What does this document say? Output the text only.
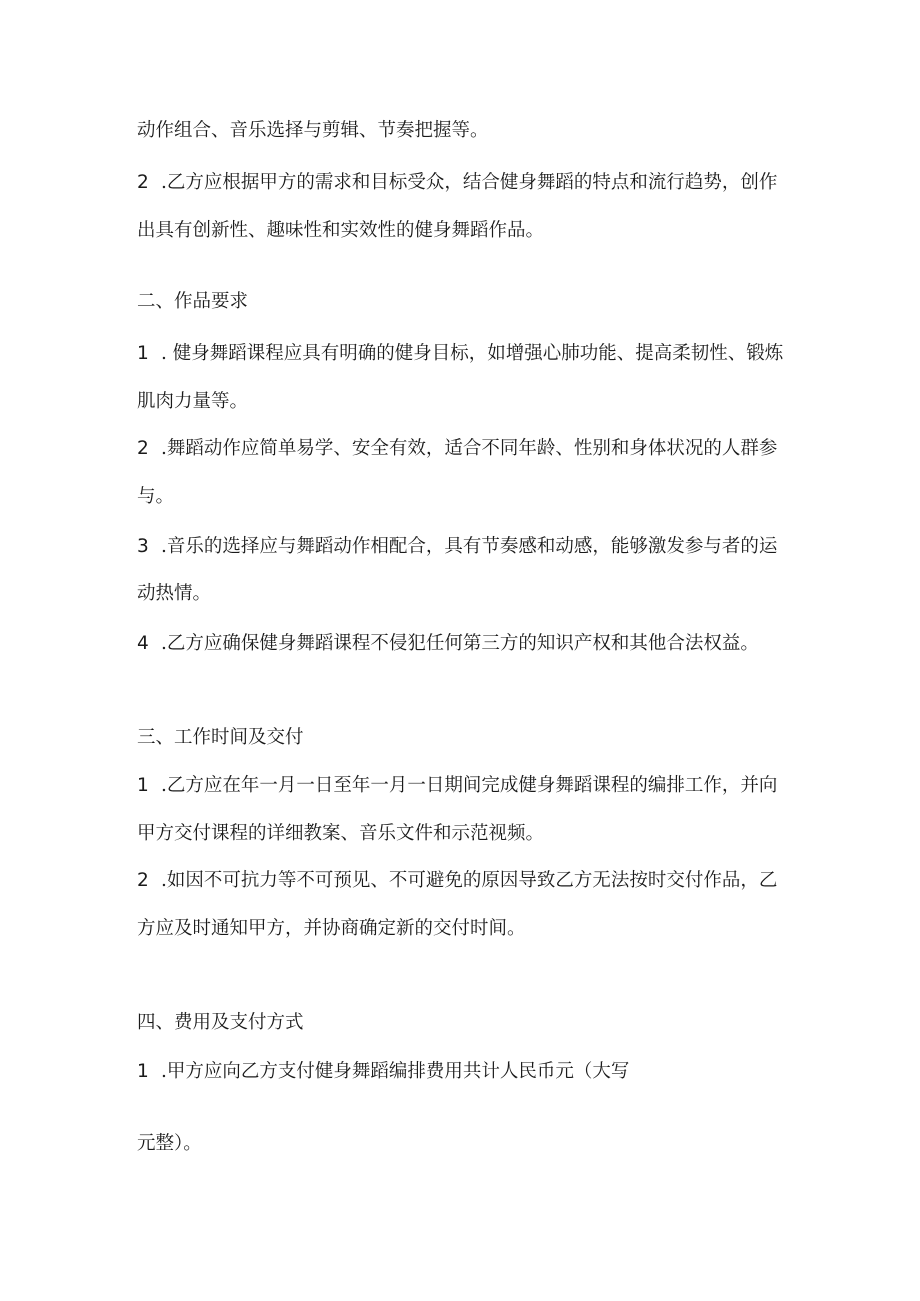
动作组合、音乐选择与剪辑、节奏把握等。
2 .乙方应根据甲方的需求和目标受众，结合健身舞蹈的特点和流行趋势，创作
出具有创新性、趣味性和实效性的健身舞蹈作品。
二、作品要求
1 . 健身舞蹈课程应具有明确的健身目标，如增强心肺功能、提高柔韧性、锻炼
肌肉力量等。
2 .舞蹈动作应简单易学、安全有效，适合不同年龄、性别和身体状况的人群参
与。
3 .音乐的选择应与舞蹈动作相配合，具有节奏感和动感，能够激发参与者的运
动热情。
4 .乙方应确保健身舞蹈课程不侵犯任何第三方的知识产权和其他合法权益。
三、工作时间及交付
1 .乙方应在年一月一日至年一月一日期间完成健身舞蹈课程的编排工作，并向
甲方交付课程的详细教案、音乐文件和示范视频。
2 .如因不可抗力等不可预见、不可避免的原因导致乙方无法按时交付作品，乙
方应及时通知甲方，并协商确定新的交付时间。
四、费用及支付方式
1 .甲方应向乙方支付健身舞蹈编排费用共计人民币元（大写
元整）。
